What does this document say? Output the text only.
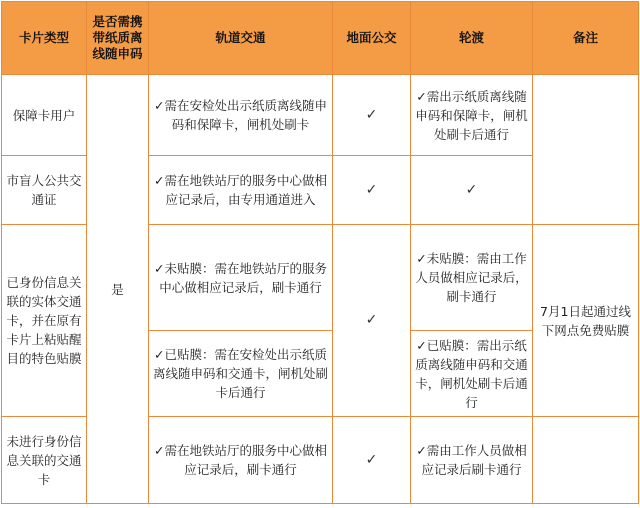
卡片类型	是否需携带纸质离线随申码	轨道交通	地面公交	轮渡	备注

保障卡用户	是	✓需在安检处出示纸质离线随申码和保障卡，闸机处刷卡	✓	✓需出示纸质离线随申码和保障卡，闸机处刷卡后通行	

市盲人公共交通证		✓需在地铁站厅的服务中心做相应记录后，由专用通道进入	✓	✓	

已身份信息关联的实体交通卡，并在原有卡片上粘贴醒目的特色贴膜		✓未贴膜：需在地铁站厅的服务中心做相应记录后，刷卡通行	✓	✓未贴膜：需由工作人员做相应记录后，刷卡通行	7月1日起通过线下网点免费贴膜

		✓已贴膜：需在安检处出示纸质离线随申码和交通卡，闸机处刷卡后通行		✓已贴膜：需出示纸质离线随申码和交通卡，闸机处刷卡后通行	

未进行身份信息关联的交通卡		✓需在地铁站厅的服务中心做相应记录后，刷卡通行	✓	✓需由工作人员做相应记录后刷卡通行	
